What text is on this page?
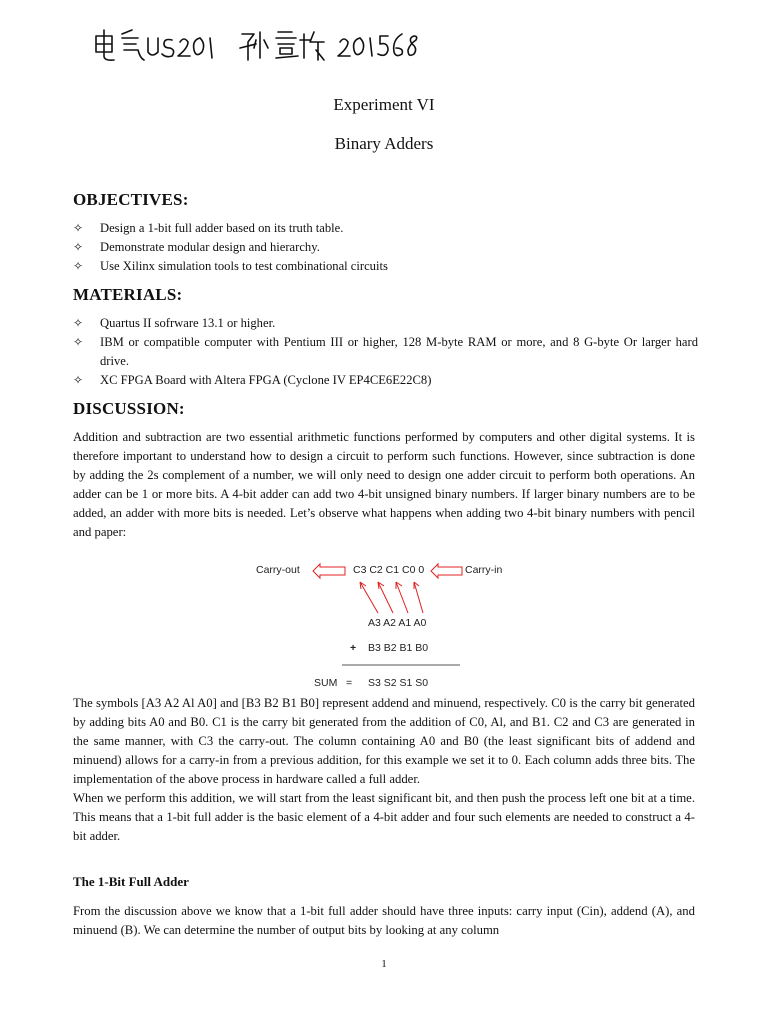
Experiment VI
Binary Adders
OBJECTIVES:
✧ Design a 1-bit full adder based on its truth table.
✧ Demonstrate modular design and hierarchy.
✧ Use Xilinx simulation tools to test combinational circuits
MATERIALS:
✧ Quartus II sofrware 13.1 or higher.
✧ IBM or compatible computer with Pentium III or higher, 128 M-byte RAM or more, and 8 G-byte Or larger hard drive.
✧ XC FPGA Board with Altera FPGA (Cyclone IV EP4CE6E22C8)
DISCUSSION:

Addition and subtraction are two essential arithmetic functions performed by computers and other digital systems. It is therefore important to understand how to design a circuit to perform such functions. However, since subtraction is done by adding the 2s complement of a number, we will only need to design one adder circuit to perform both operations. An adder can be 1 or more bits. A 4-bit adder can add two 4-bit unsigned binary numbers. If larger binary numbers are to be added, an adder with more bits is needed. Let’s observe what happens when adding two 4-bit binary numbers with pencil and paper:

Carry-out	C3 C2 C1 C0 0	Carry-in
A3 A2 A1 A0
+ B3 B2 B1 B0
SUM = S3 S2 S1 S0

The symbols [A3 A2 Al A0] and [B3 B2 B1 B0] represent addend and minuend, respectively. C0 is the carry bit generated by adding bits A0 and B0. C1 is the carry bit generated from the addition of C0, Al, and B1. C2 and C3 are generated in the same manner, with C3 the carry-out. The column containing A0 and B0 (the least significant bits of addend and minuend) allows for a carry-in from a previous addition, for this example we set it to 0. Each column adds three bits. The implementation of the above process in hardware called a full adder.
When we perform this addition, we will start from the least significant bit, and then push the process left one bit at a time. This means that a 1-bit full adder is the basic element of a 4-bit adder and four such elements are needed to construct a 4-bit adder.

The 1-Bit Full Adder

From the discussion above we know that a 1-bit full adder should have three inputs: carry input (Cin), addend (A), and minuend (B). We can determine the number of output bits by looking at any column

1
